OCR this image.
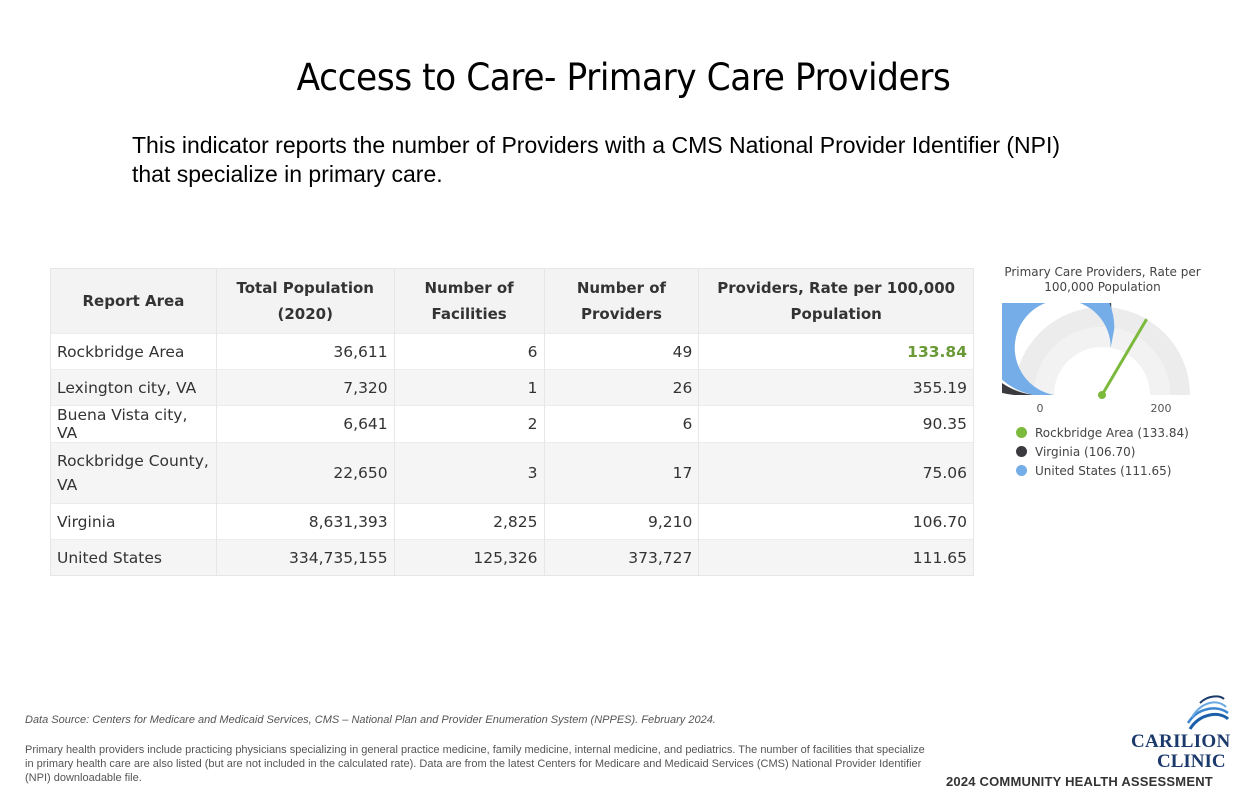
Access to Care- Primary Care Providers
This indicator reports the number of Providers with a CMS National Provider Identifier (NPI) that specialize in primary care.
Report Area	Total Population (2020)	Number of Facilities	Number of Providers	Providers, Rate per 100,000 Population
Rockbridge Area	36,611	6	49	133.84
Lexington city, VA	7,320	1	26	355.19
Buena Vista city, VA	6,641	2	6	90.35
Rockbridge County, VA	22,650	3	17	75.06
Virginia	8,631,393	2,825	9,210	106.70
United States	334,735,155	125,326	373,727	111.65
Primary Care Providers, Rate per 100,000 Population
0	200
Rockbridge Area (133.84)
Virginia (106.70)
United States (111.65)
Data Source: Centers for Medicare and Medicaid Services, CMS – National Plan and Provider Enumeration System (NPPES). February 2024.
Primary health providers include practicing physicians specializing in general practice medicine, family medicine, internal medicine, and pediatrics. The number of facilities that specialize in primary health care are also listed (but are not included in the calculated rate). Data are from the latest Centers for Medicare and Medicaid Services (CMS) National Provider Identifier (NPI) downloadable file.
CARILION
CLINIC
2024 COMMUNITY HEALTH ASSESSMENT
